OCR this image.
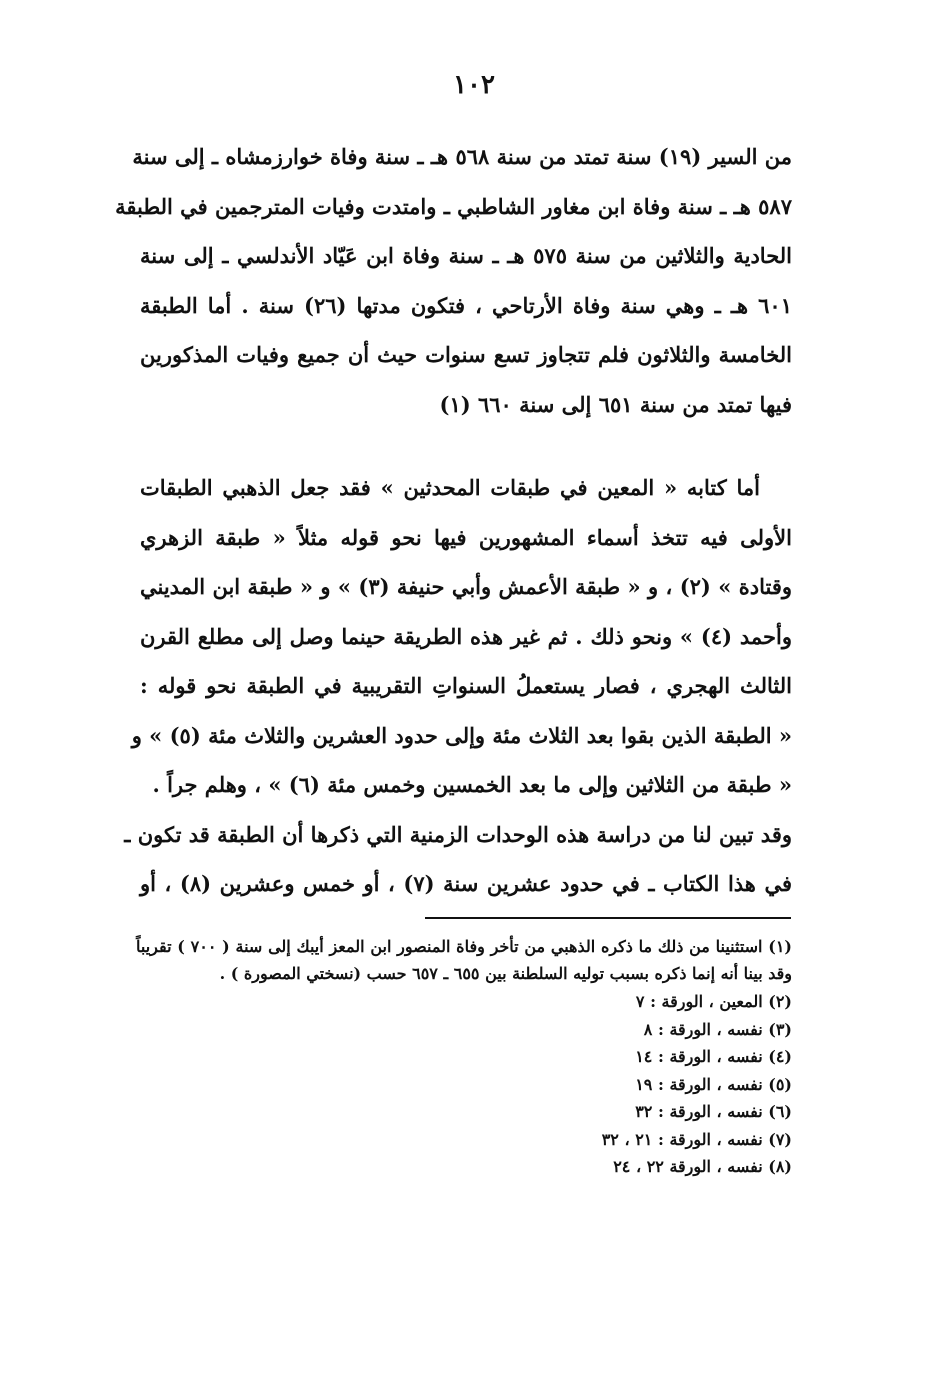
١٠٢
من السير (١٩) سنة تمتد من سنة ٥٦٨ هـ ـ سنة وفاة خوارزمشاه ـ إلى سنة
٥٨٧ هـ ـ سنة وفاة ابن مغاور الشاطبي ـ وامتدت وفيات المترجمين في الطبقة
الحادية والثلاثين من سنة ٥٧٥ هـ ـ سنة وفاة ابن عَيّاد الأندلسي ـ إلى سنة
٦٠١ هـ ـ وهي سنة وفاة الأرتاحي ، فتكون مدتها (٢٦) سنة . أما الطبقة
الخامسة والثلاثون فلم تتجاوز تسع سنوات حيث أن جميع وفيات المذكورين
فيها تمتد من سنة ٦٥١ إلى سنة ٦٦٠ (١)
أما كتابه « المعين في طبقات المحدثين » فقد جعل الذهبي الطبقات
الأولى فيه تتخذ أسماء المشهورين فيها نحو قوله مثلاً « طبقة الزهري
وقتادة » (٢) ، و « طبقة الأعمش وأبي حنيفة (٣) » و « طبقة ابن المديني
وأحمد (٤) » ونحو ذلك . ثم غير هذه الطريقة حينما وصل إلى مطلع القرن
الثالث الهجري ، فصار يستعملُ السنواتِ التقريبية في الطبقة نحو قوله :
« الطبقة الذين بقوا بعد الثلاث مئة وإلى حدود العشرين والثلاث مئة (٥) » و
« طبقة من الثلاثين وإلى ما بعد الخمسين وخمس مئة (٦) » ، وهلم جراً .
وقد تبين لنا من دراسة هذه الوحدات الزمنية التي ذكرها أن الطبقة قد تكون ـ
في هذا الكتاب ـ في حدود عشرين سنة (٧) ، أو خمس وعشرين (٨) ، أو
(١) استثنينا من ذلك ما ذكره الذهبي من تأخر وفاة المنصور ابن المعز أيبك إلى سنة ( ٧٠٠ ) تقريباً
وقد بينا أنه إنما ذكره بسبب توليه السلطنة بين ٦٥٥ ـ ٦٥٧ حسب (نسختي المصورة ) .
(٢) المعين ، الورقة : ٧
(٣) نفسه ، الورقة : ٨
(٤) نفسه ، الورقة : ١٤
(٥) نفسه ، الورقة : ١٩
(٦) نفسه ، الورقة : ٣٢
(٧) نفسه ، الورقة : ٢١ ، ٣٢
(٨) نفسه ، الورقة ٢٢ ، ٢٤
